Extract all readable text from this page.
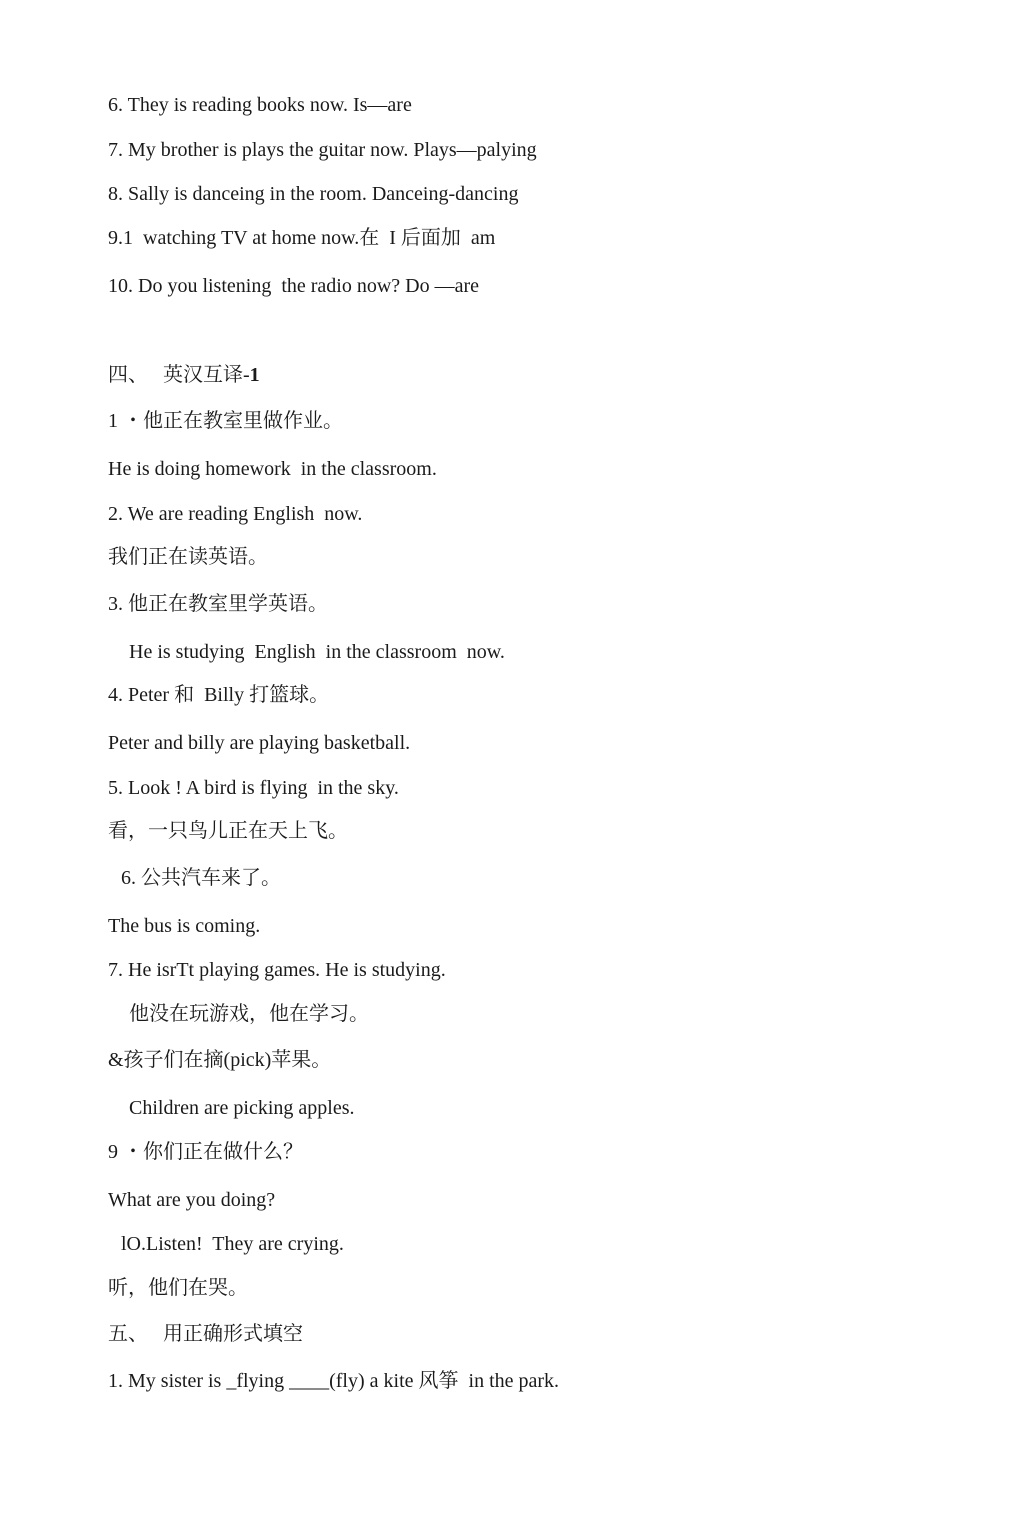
6. They is reading books now. Is—are
7. My brother is plays the guitar now. Plays—palying
8. Sally is danceing in the room. Danceing-dancing
9.1  watching TV at home now.在  I 后面加  am
10. Do you listening  the radio now? Do —are
四、   英汉互译-1
1 ・他正在教室里做作业。
He is doing homework  in the classroom.
2. We are reading English  now.
我们正在读英语。
3. 他正在教室里学英语。
He is studying  English  in the classroom  now.
4. Peter 和  Billy 打篮球。
Peter and billy are playing basketball.
5. Look ! A bird is flying  in the sky.
看，一只鸟儿正在天上飞。
6. 公共汽车来了。
The bus is coming.
7. He isrTt playing games. He is studying.
他没在玩游戏，他在学习。
&孩子们在摘(pick)苹果。
Children are picking apples.
9 ・你们正在做什么？
What are you doing?
lO.Listen!  They are crying.
听，他们在哭。
五、   用正确形式填空
1. My sister is _flying ____(fly) a kite 风筝  in the park.
